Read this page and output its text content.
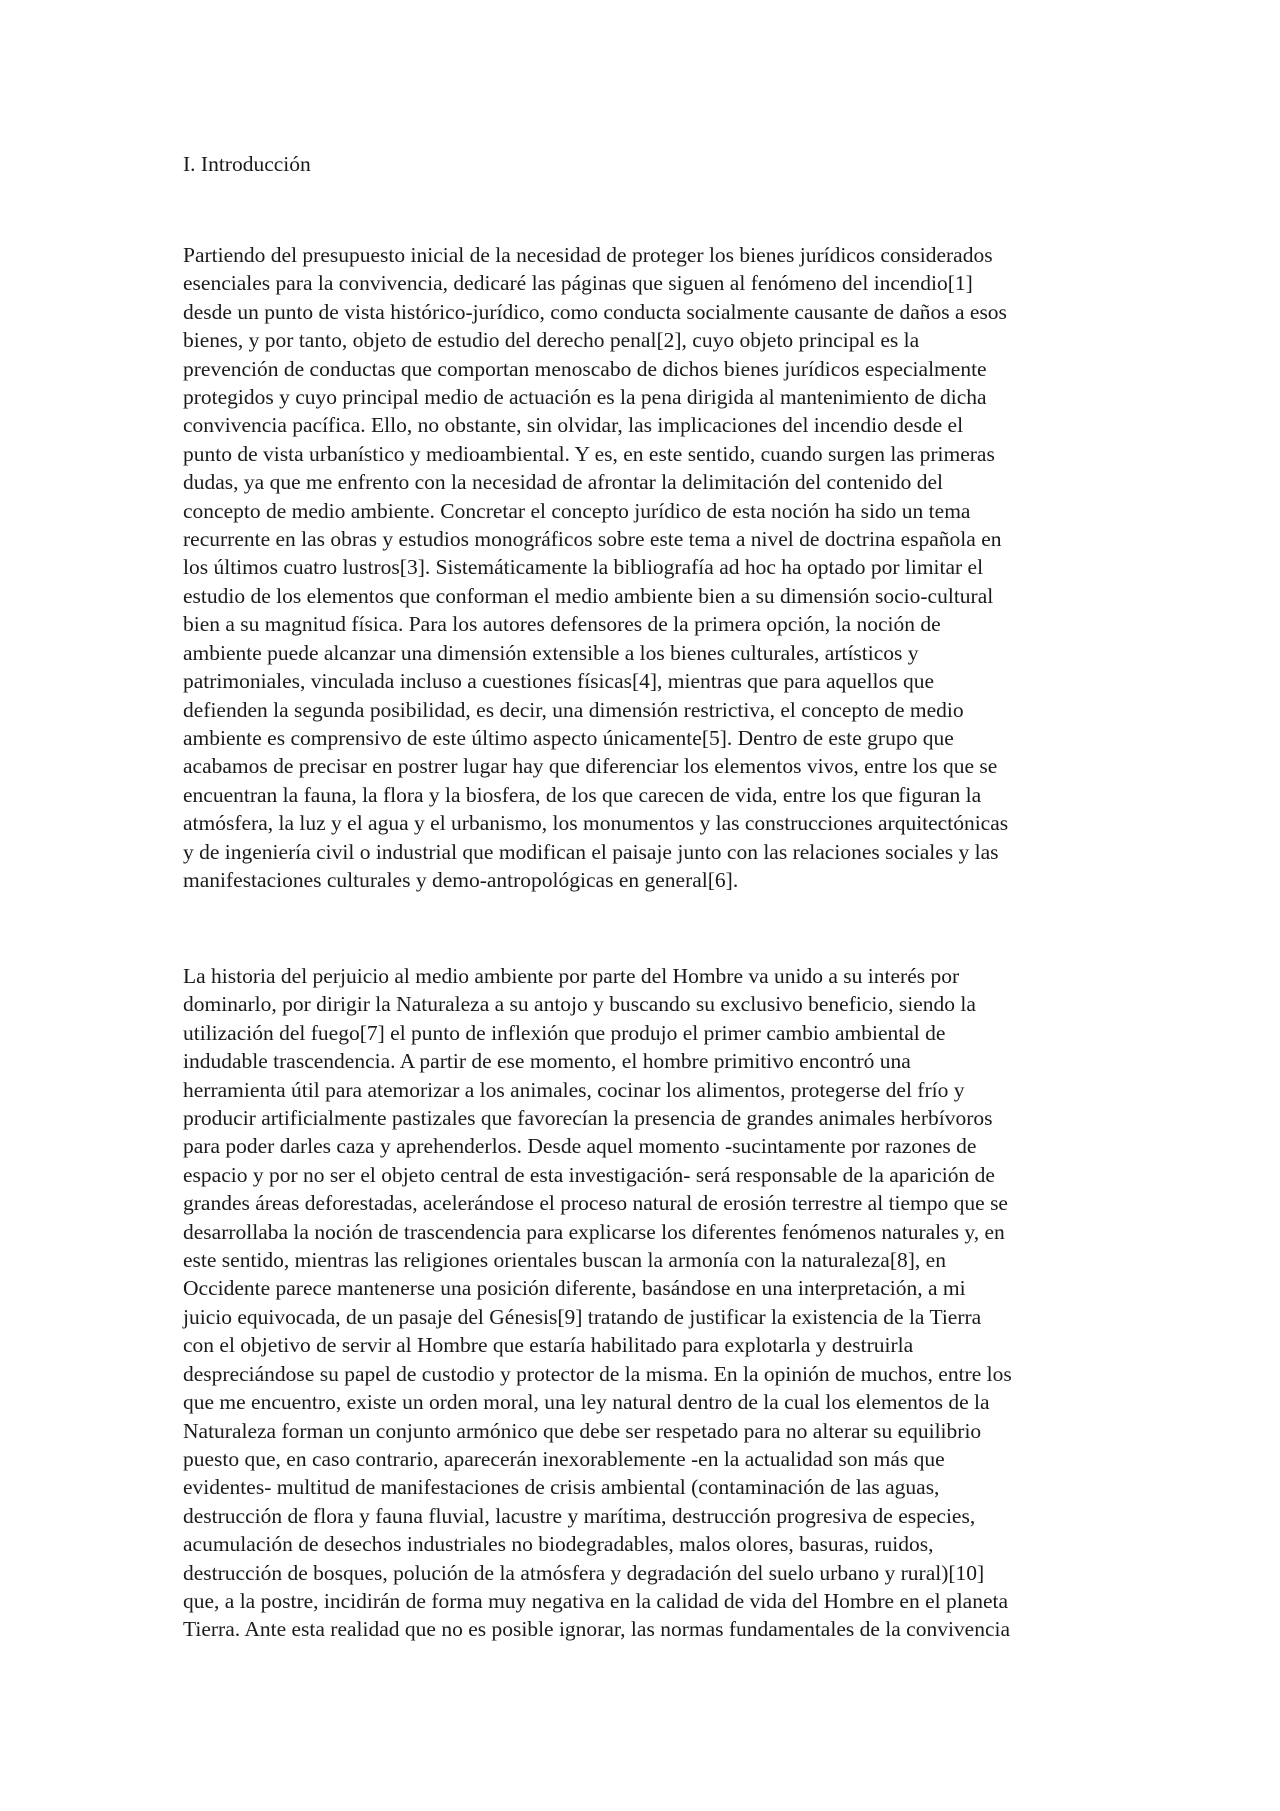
I. Introducción
Partiendo del presupuesto inicial de la necesidad de proteger los bienes jurídicos considerados
esenciales para la convivencia, dedicaré las páginas que siguen al fenómeno del incendio[1]
desde un punto de vista histórico-jurídico, como conducta socialmente causante de daños a esos
bienes, y por tanto, objeto de estudio del derecho penal[2], cuyo objeto principal es la
prevención de conductas que comportan menoscabo de dichos bienes jurídicos especialmente
protegidos y cuyo principal medio de actuación es la pena dirigida al mantenimiento de dicha
convivencia pacífica. Ello, no obstante, sin olvidar, las implicaciones del incendio desde el
punto de vista urbanístico y medioambiental. Y es, en este sentido, cuando surgen las primeras
dudas, ya que me enfrento con la necesidad de afrontar la delimitación del contenido del
concepto de medio ambiente. Concretar el concepto jurídico de esta noción ha sido un tema
recurrente en las obras y estudios monográficos sobre este tema a nivel de doctrina española en
los últimos cuatro lustros[3]. Sistemáticamente la bibliografía ad hoc ha optado por limitar el
estudio de los elementos que conforman el medio ambiente bien a su dimensión socio-cultural
bien a su magnitud física. Para los autores defensores de la primera opción, la noción de
ambiente puede alcanzar una dimensión extensible a los bienes culturales, artísticos y
patrimoniales, vinculada incluso a cuestiones físicas[4], mientras que para aquellos que
defienden la segunda posibilidad, es decir, una dimensión restrictiva, el concepto de medio
ambiente es comprensivo de este último aspecto únicamente[5]. Dentro de este grupo que
acabamos de precisar en postrer lugar hay que diferenciar los elementos vivos, entre los que se
encuentran la fauna, la flora y la biosfera, de los que carecen de vida, entre los que figuran la
atmósfera, la luz y el agua y el urbanismo, los monumentos y las construcciones arquitectónicas
y de ingeniería civil o industrial que modifican el paisaje junto con las relaciones sociales y las
manifestaciones culturales y demo-antropológicas en general[6].
La historia del perjuicio al medio ambiente por parte del Hombre va unido a su interés por
dominarlo, por dirigir la Naturaleza a su antojo y buscando su exclusivo beneficio, siendo la
utilización del fuego[7] el punto de inflexión que produjo el primer cambio ambiental de
indudable trascendencia. A partir de ese momento, el hombre primitivo encontró una
herramienta útil para atemorizar a los animales, cocinar los alimentos, protegerse del frío y
producir artificialmente pastizales que favorecían la presencia de grandes animales herbívoros
para poder darles caza y aprehenderlos. Desde aquel momento -sucintamente por razones de
espacio y por no ser el objeto central de esta investigación- será responsable de la aparición de
grandes áreas deforestadas, acelerándose el proceso natural de erosión terrestre al tiempo que se
desarrollaba la noción de trascendencia para explicarse los diferentes fenómenos naturales y, en
este sentido, mientras las religiones orientales buscan la armonía con la naturaleza[8], en
Occidente parece mantenerse una posición diferente, basándose en una interpretación, a mi
juicio equivocada, de un pasaje del Génesis[9] tratando de justificar la existencia de la Tierra
con el objetivo de servir al Hombre que estaría habilitado para explotarla y destruirla
despreciándose su papel de custodio y protector de la misma. En la opinión de muchos, entre los
que me encuentro, existe un orden moral, una ley natural dentro de la cual los elementos de la
Naturaleza forman un conjunto armónico que debe ser respetado para no alterar su equilibrio
puesto que, en caso contrario, aparecerán inexorablemente -en la actualidad son más que
evidentes- multitud de manifestaciones de crisis ambiental (contaminación de las aguas,
destrucción de flora y fauna fluvial, lacustre y marítima, destrucción progresiva de especies,
acumulación de desechos industriales no biodegradables, malos olores, basuras, ruidos,
destrucción de bosques, polución de la atmósfera y degradación del suelo urbano y rural)[10]
que, a la postre, incidirán de forma muy negativa en la calidad de vida del Hombre en el planeta
Tierra. Ante esta realidad que no es posible ignorar, las normas fundamentales de la convivencia
